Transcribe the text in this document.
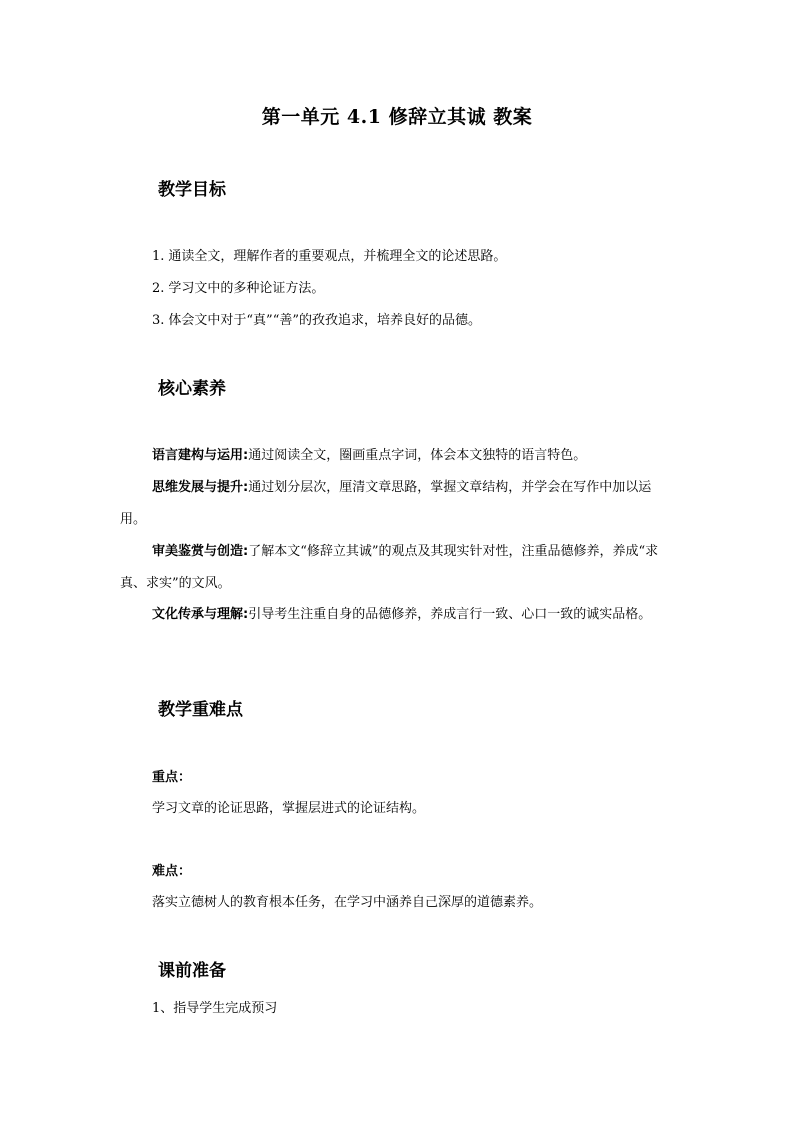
第一单元 4.1 修辞立其诚 教案
教学目标
1. 通读全文，理解作者的重要观点，并梳理全文的论述思路。
2. 学习文中的多种论证方法。
3. 体会文中对于“真”“善”的孜孜追求，培养良好的品德。
核心素养
语言建构与运用:通过阅读全文，圈画重点字词，体会本文独特的语言特色。
思维发展与提升:通过划分层次，厘清文章思路，掌握文章结构，并学会在写作中加以运用。
审美鉴赏与创造:了解本文“修辞立其诚”的观点及其现实针对性，注重品德修养，养成“求真、求实”的文风。
文化传承与理解:引导考生注重自身的品德修养，养成言行一致、心口一致的诚实品格。
教学重难点
重点：
学习文章的论证思路，掌握层进式的论证结构。
难点：
落实立德树人的教育根本任务，在学习中涵养自己深厚的道德素养。
课前准备
1、指导学生完成预习
